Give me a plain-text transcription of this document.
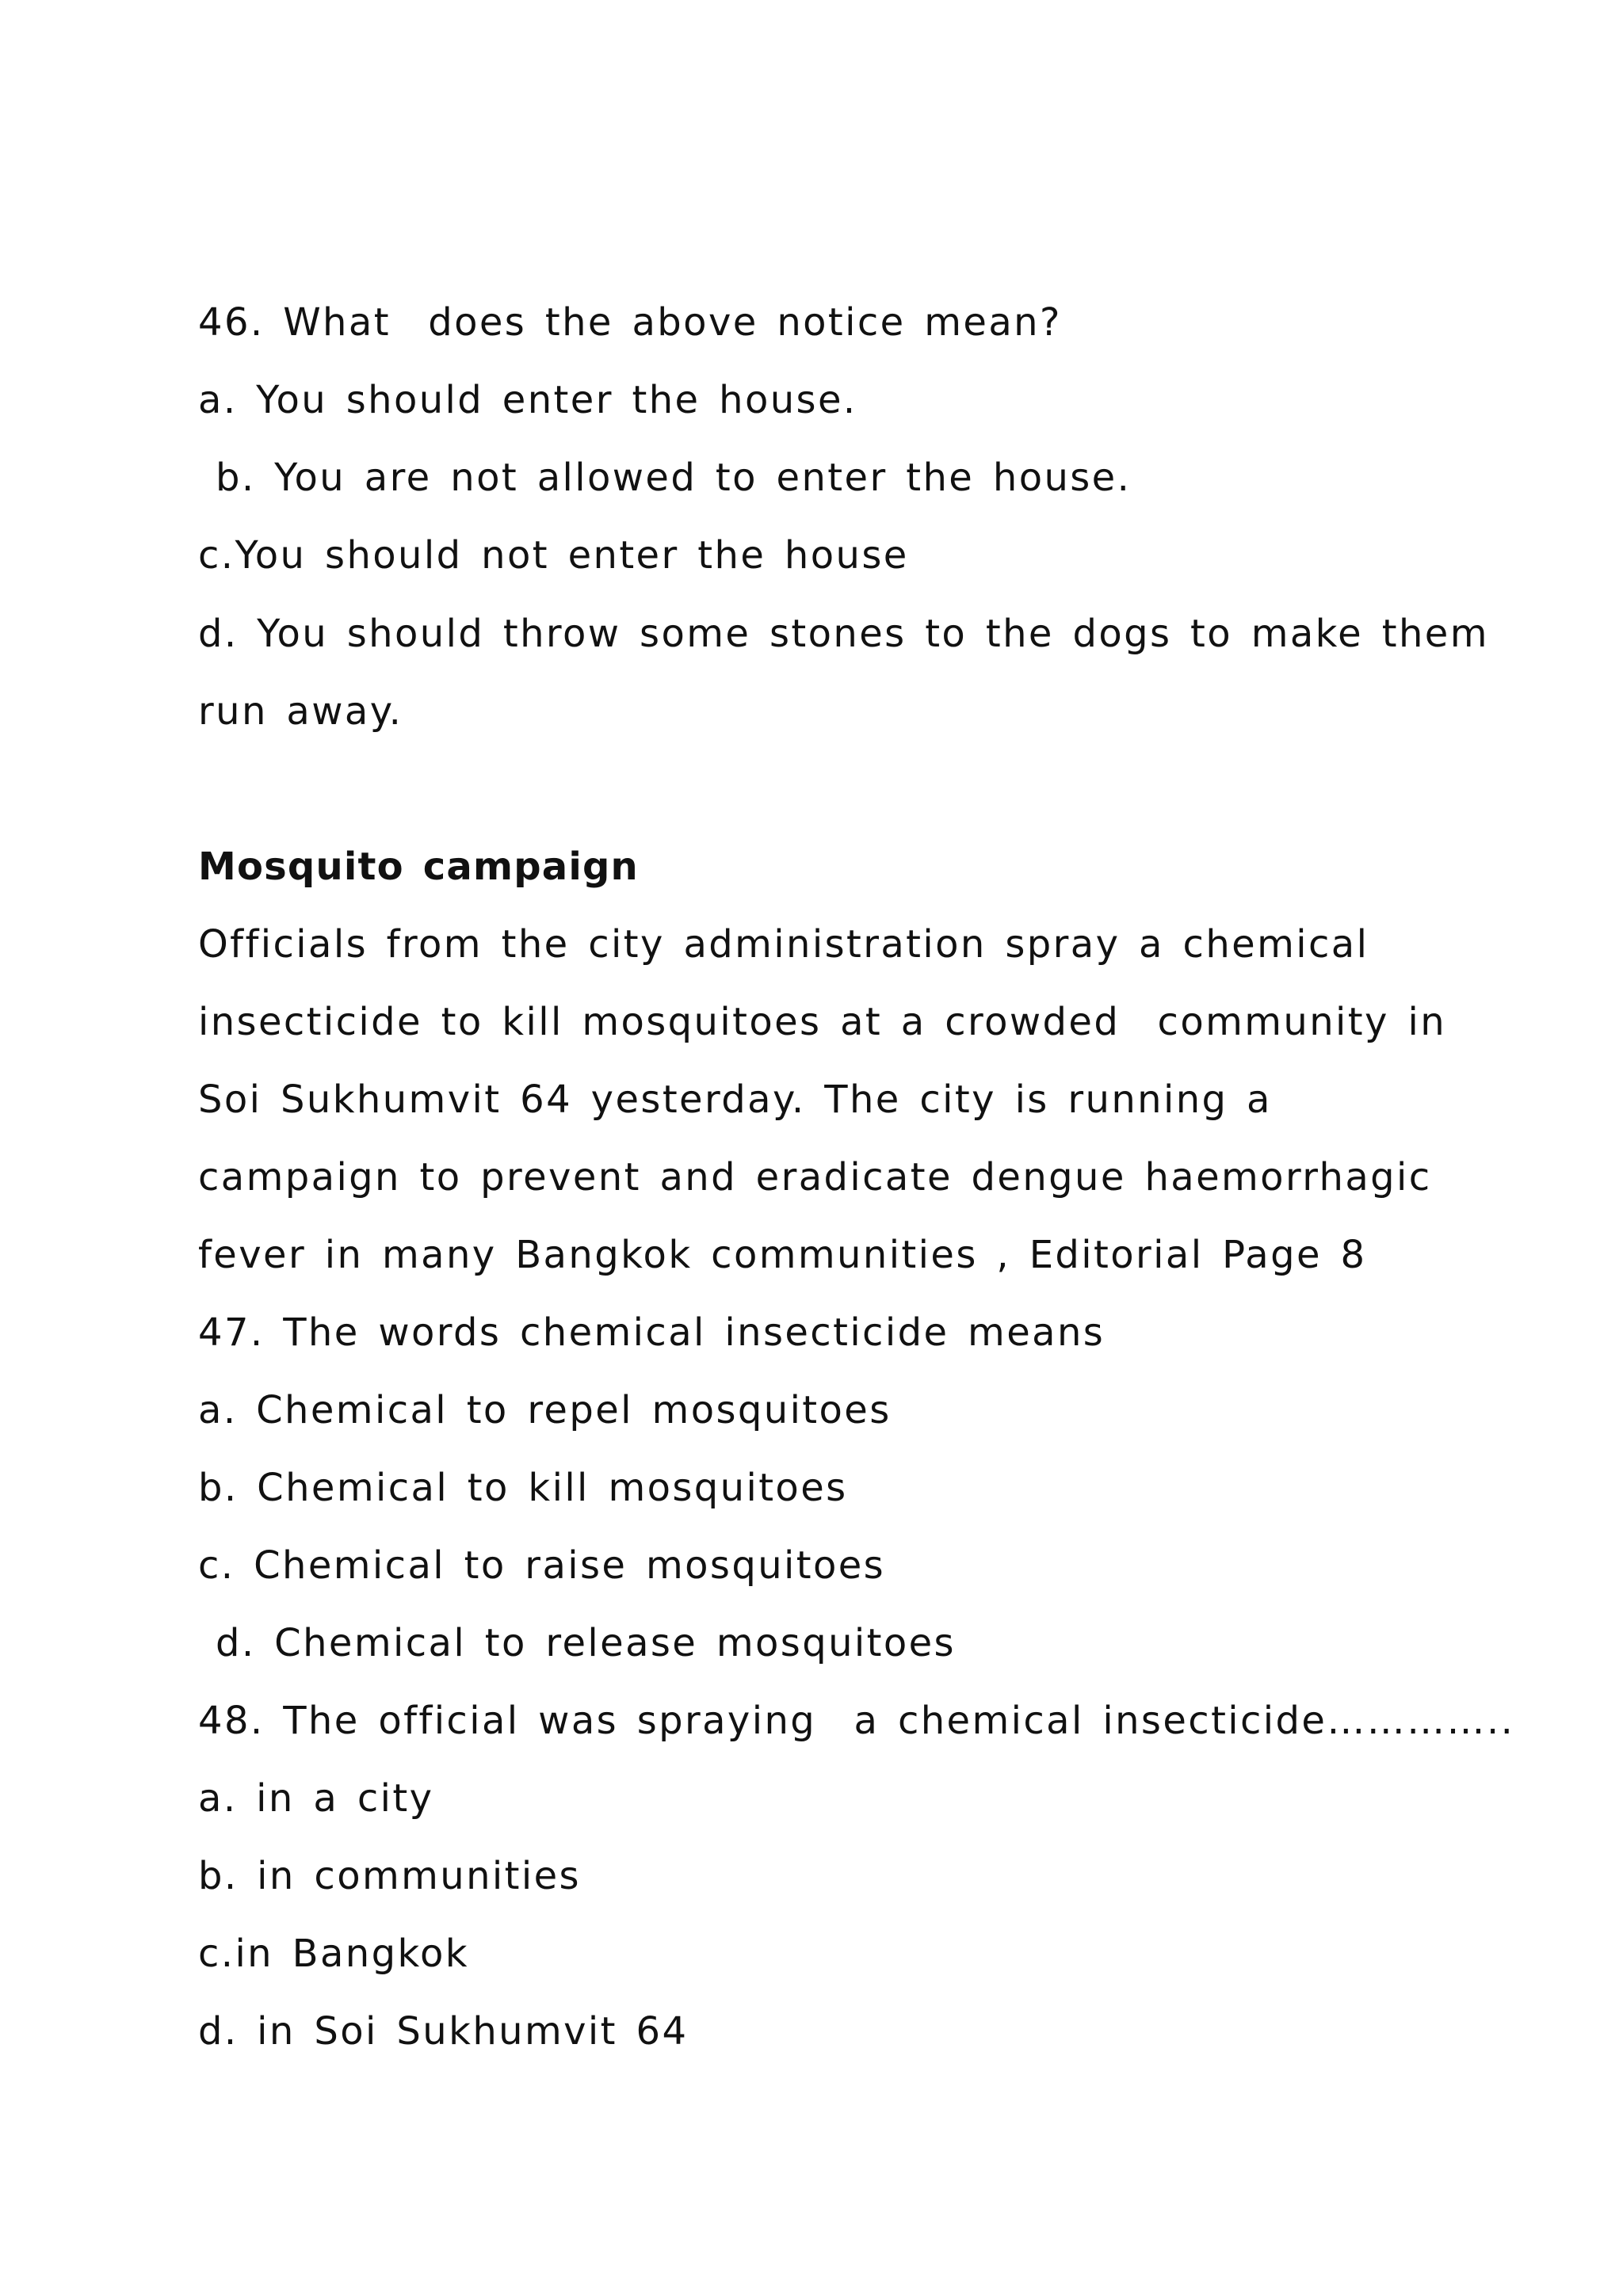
46. What  does the above notice mean?
a. You should enter the house.
b. You are not allowed to enter the house.
c.You should not enter the house
d. You should throw some stones to the dogs to make them
run away.
Mosquito campaign
Officials from the city administration spray a chemical
insecticide to kill mosquitoes at a crowded  community in
Soi Sukhumvit 64 yesterday. The city is running a
campaign to prevent and eradicate dengue haemorrhagic
fever in many Bangkok communities , Editorial Page 8
47. The words chemical insecticide means
a. Chemical to repel mosquitoes
b. Chemical to kill mosquitoes
c. Chemical to raise mosquitoes
d. Chemical to release mosquitoes
48. The official was spraying  a chemical insecticide…………..
a. in a city
b. in communities
c.in Bangkok
d. in Soi Sukhumvit 64
